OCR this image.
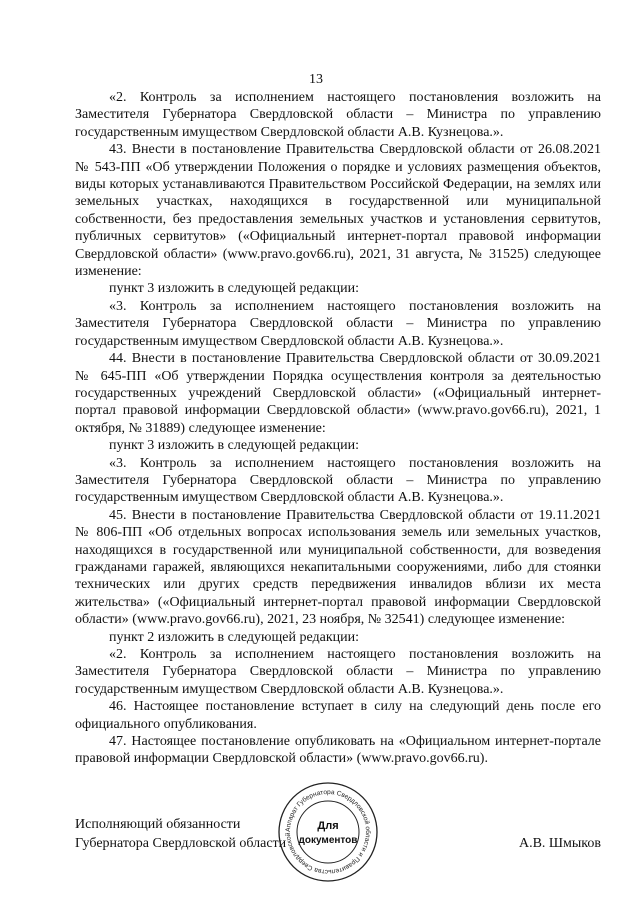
13

«2. Контроль за исполнением настоящего постановления возложить на Заместителя Губернатора Свердловской области – Министра по управлению государственным имуществом Свердловской области А.В. Кузнецова.».

43. Внести в постановление Правительства Свердловской области от 26.08.2021 № 543-ПП «Об утверждении Положения о порядке и условиях размещения объектов, виды которых устанавливаются Правительством Российской Федерации, на землях или земельных участках, находящихся в государственной или муниципальной собственности, без предоставления земельных участков и установления сервитутов, публичных сервитутов» («Официальный интернет-портал правовой информации Свердловской области» (www.pravo.gov66.ru), 2021, 31 августа, № 31525) следующее изменение:

пункт 3 изложить в следующей редакции:

«3. Контроль за исполнением настоящего постановления возложить на Заместителя Губернатора Свердловской области – Министра по управлению государственным имуществом Свердловской области А.В. Кузнецова.».

44. Внести в постановление Правительства Свердловской области от 30.09.2021 № 645-ПП «Об утверждении Порядка осуществления контроля за деятельностью государственных учреждений Свердловской области» («Официальный интернет-портал правовой информации Свердловской области» (www.pravo.gov66.ru), 2021, 1 октября, № 31889) следующее изменение:

пункт 3 изложить в следующей редакции:

«3. Контроль за исполнением настоящего постановления возложить на Заместителя Губернатора Свердловской области – Министра по управлению государственным имуществом Свердловской области А.В. Кузнецова.».

45. Внести в постановление Правительства Свердловской области от 19.11.2021 № 806-ПП «Об отдельных вопросах использования земель или земельных участков, находящихся в государственной или муниципальной собственности, для возведения гражданами гаражей, являющихся некапитальными сооружениями, либо для стоянки технических или других средств передвижения инвалидов вблизи их места жительства» («Официальный интернет-портал правовой информации Свердловской области» (www.pravo.gov66.ru), 2021, 23 ноября, № 32541) следующее изменение:

пункт 2 изложить в следующей редакции:

«2. Контроль за исполнением настоящего постановления возложить на Заместителя Губернатора Свердловской области – Министра по управлению государственным имуществом Свердловской области А.В. Кузнецова.».

46. Настоящее постановление вступает в силу на следующий день после его официального опубликования.

47. Настоящее постановление опубликовать на «Официальном интернет-портале правовой информации Свердловской области» (www.pravo.gov66.ru).

Исполняющий обязанности
Губернатора Свердловской области	А.В. Шмыков
Аппарат Губернатора Свердловской области и Правительства Свердловской
Для
документов
